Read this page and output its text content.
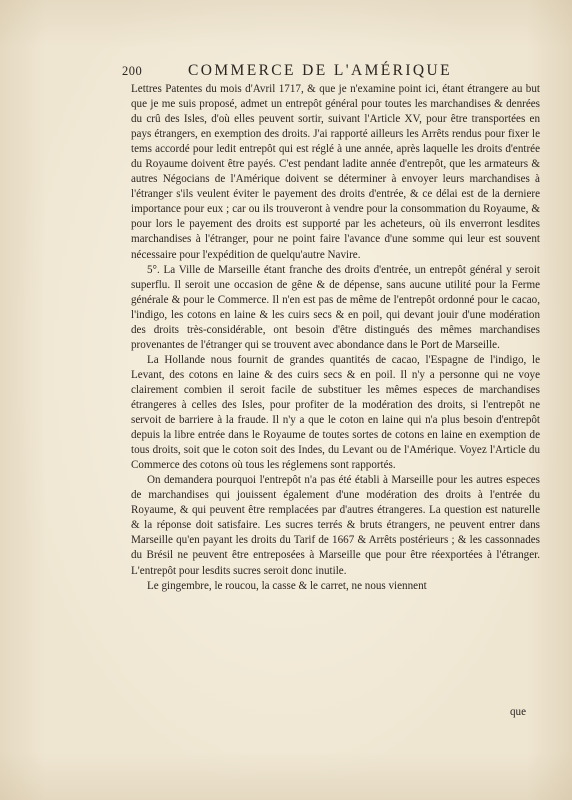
200	COMMERCE DE L'AMÉRIQUE

Lettres Patentes du mois d'Avril 1717, & que je n'examine point ici, étant étrangere au but que je me suis proposé, admet un entrepôt général pour toutes les marchandises & denrées du crû des Isles, d'où elles peuvent sortir, suivant l'Article XV, pour être transportées en pays étrangers, en exemption des droits. J'ai rapporté ailleurs les Arrêts rendus pour fixer le tems accordé pour ledit entrepôt qui est réglé à une année, après laquelle les droits d'entrée du Royaume doivent être payés. C'est pendant ladite année d'entrepôt, que les armateurs & autres Négocians de l'Amérique doivent se déterminer à envoyer leurs marchandises à l'étranger s'ils veulent éviter le payement des droits d'entrée, & ce délai est de la derniere importance pour eux ; car ou ils trouveront à vendre pour la consommation du Royaume, & pour lors le payement des droits est supporté par les acheteurs, où ils enverront lesdites marchandises à l'étranger, pour ne point faire l'avance d'une somme qui leur est souvent nécessaire pour l'expédition de quelqu'autre Navire.

5°. La Ville de Marseille étant franche des droits d'entrée, un entrepôt général y seroit superflu. Il seroit une occasion de gêne & de dépense, sans aucune utilité pour la Ferme générale & pour le Commerce. Il n'en est pas de même de l'entrepôt ordonné pour le cacao, l'indigo, les cotons en laine & les cuirs secs & en poil, qui devant jouir d'une modération des droits très-considérable, ont besoin d'être distingués des mêmes marchandises provenantes de l'étranger qui se trouvent avec abondance dans le Port de Marseille.

La Hollande nous fournit de grandes quantités de cacao, l'Espagne de l'indigo, le Levant, des cotons en laine & des cuirs secs & en poil. Il n'y a personne qui ne voye clairement combien il seroit facile de substituer les mêmes especes de marchandises étrangeres à celles des Isles, pour profiter de la modération des droits, si l'entrepôt ne servoit de barriere à la fraude. Il n'y a que le coton en laine qui n'a plus besoin d'entrepôt depuis la libre entrée dans le Royaume de toutes sortes de cotons en laine en exemption de tous droits, soit que le coton soit des Indes, du Levant ou de l'Amérique. Voyez l'Article du Commerce des cotons où tous les réglemens sont rapportés.

On demandera pourquoi l'entrepôt n'a pas été établi à Marseille pour les autres especes de marchandises qui jouissent également d'une modération des droits à l'entrée du Royaume, & qui peuvent être remplacées par d'autres étrangeres. La question est naturelle & la réponse doit satisfaire. Les sucres terrés & bruts étrangers, ne peuvent entrer dans Marseille qu'en payant les droits du Tarif de 1667 & Arrêts postérieurs ; & les cassonnades du Brésil ne peuvent être entreposées à Marseille que pour être réexportées à l'étranger. L'entrepôt pour lesdits sucres seroit donc inutile.

Le gingembre, le roucou, la casse & le carret, ne nous viennent

que
